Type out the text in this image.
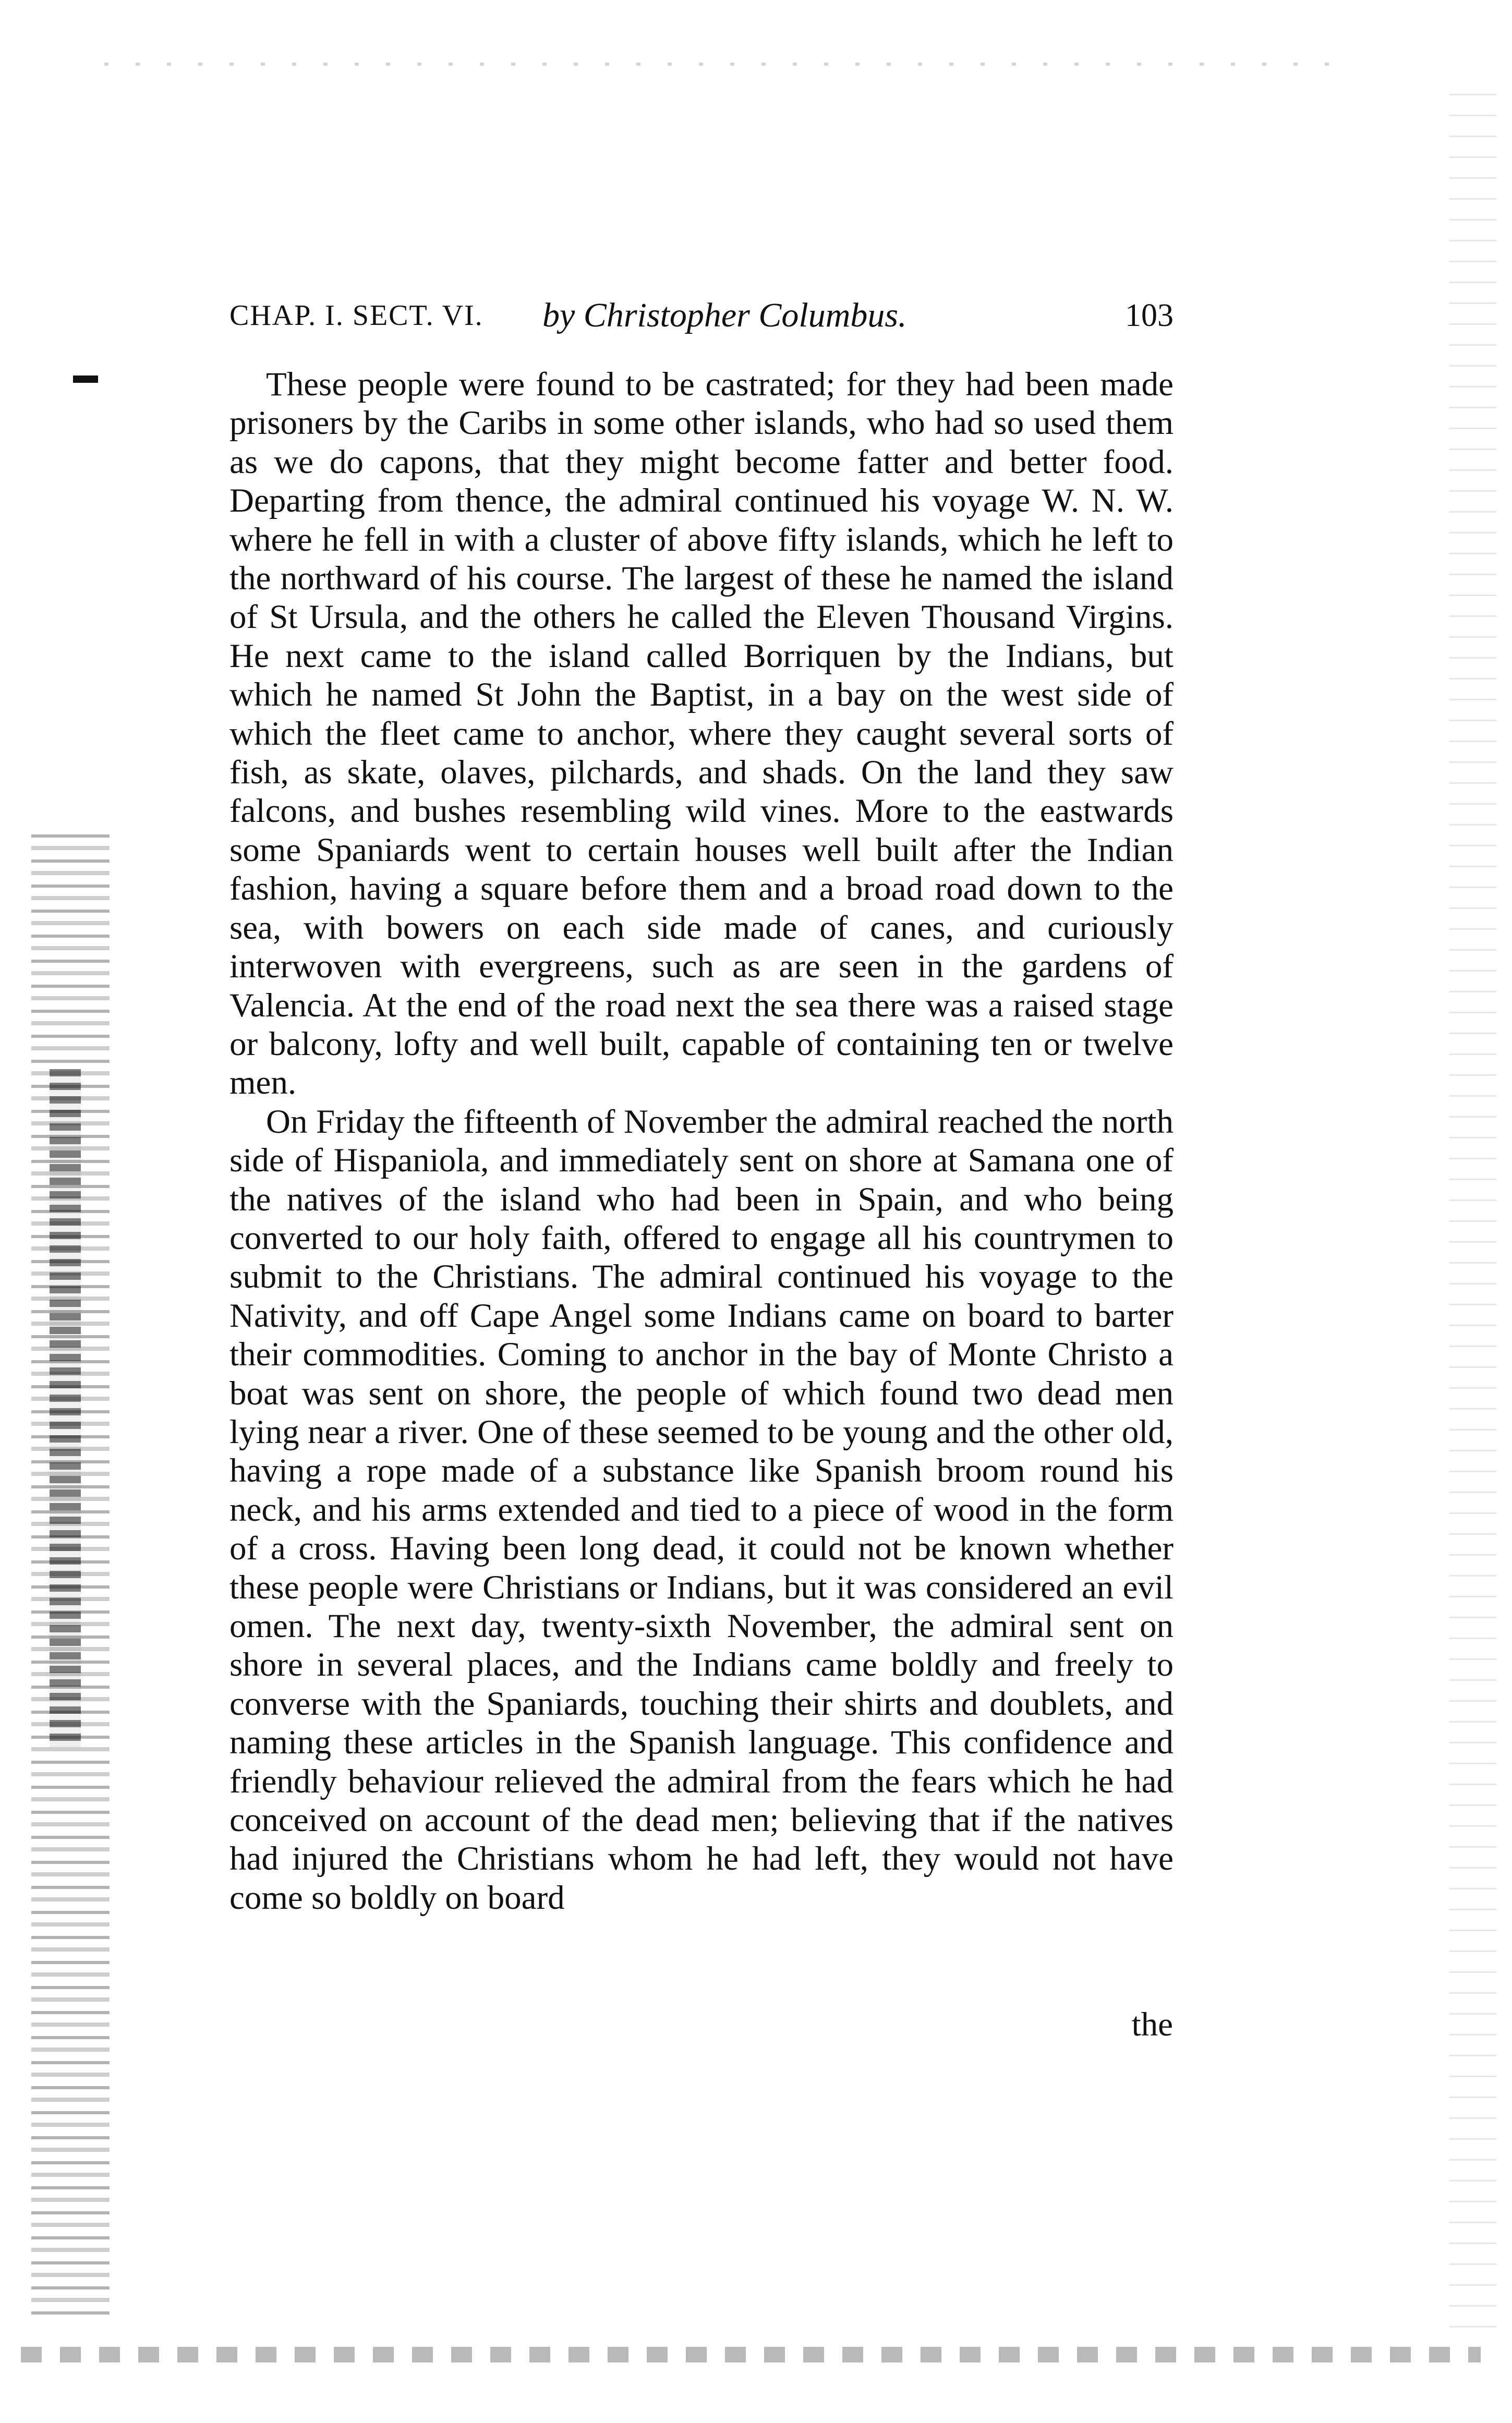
CHAP. I. SECT. VI. by Christopher Columbus.	103

These people were found to be castrated; for they had been made prisoners by the Caribs in some other islands, who had so used them as we do capons, that they might become fatter and better food. Departing from thence, the admiral continued his voyage W. N. W. where he fell in with a cluster of above fifty islands, which he left to the northward of his course. The largest of these he named the island of St Ursula, and the others he called the Eleven Thousand Virgins. He next came to the island called Borriquen by the Indians, but which he named St John the Baptist, in a bay on the west side of which the fleet came to anchor, where they caught several sorts of fish, as skate, olaves, pilchards, and shads. On the land they saw falcons, and bushes resembling wild vines. More to the eastwards some Spaniards went to certain houses well built after the Indian fashion, having a square before them and a broad road down to the sea, with bowers on each side made of canes, and curiously interwoven with evergreens, such as are seen in the gardens of Valencia. At the end of the road next the sea there was a raised stage or balcony, lofty and well built, capable of containing ten or twelve men.

On Friday the fifteenth of November the admiral reached the north side of Hispaniola, and immediately sent on shore at Samana one of the natives of the island who had been in Spain, and who being converted to our holy faith, offered to engage all his countrymen to submit to the Christians. The admiral continued his voyage to the Nativity, and off Cape Angel some Indians came on board to barter their commodities. Coming to anchor in the bay of Monte Christo a boat was sent on shore, the people of which found two dead men lying near a river. One of these seemed to be young and the other old, having a rope made of a substance like Spanish broom round his neck, and his arms extended and tied to a piece of wood in the form of a cross. Having been long dead, it could not be known whether these people were Christians or Indians, but it was considered an evil omen. The next day, twenty-sixth November, the admiral sent on shore in several places, and the Indians came boldly and freely to converse with the Spaniards, touching their shirts and doublets, and naming these articles in the Spanish language. This confidence and friendly behaviour relieved the admiral from the fears which he had conceived on account of the dead men; believing that if the natives had injured the Christians whom he had left, they would not have come so boldly on board

the
